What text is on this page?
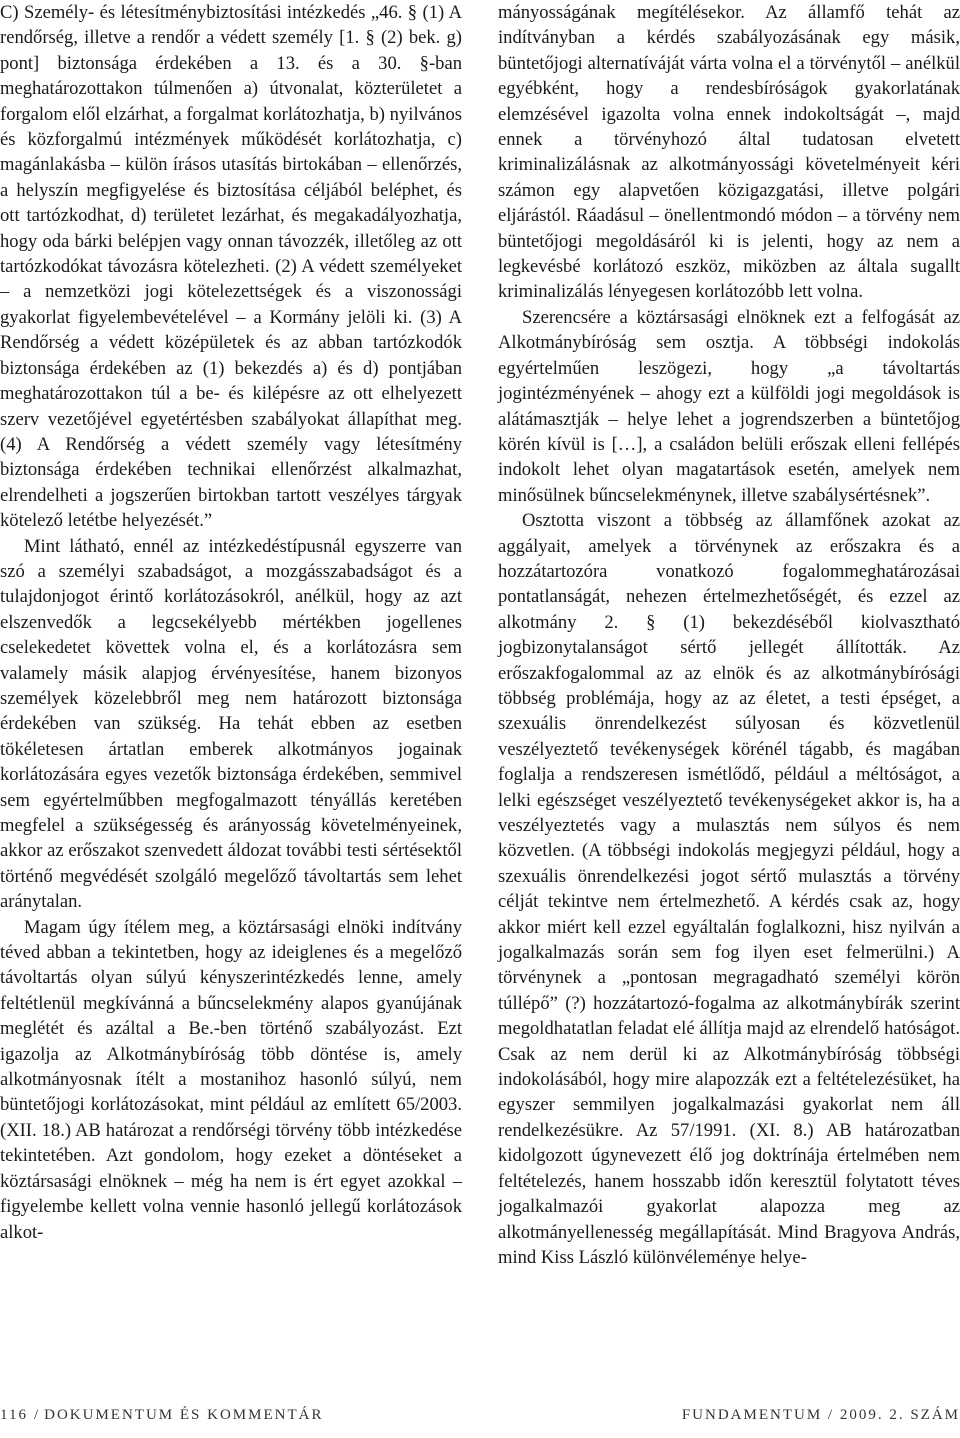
C) Személy- és létesítménybiztosítási intézkedés „46. § (1) A rendőrség, illetve a rendőr a védett személy [1. § (2) bek. g) pont] biztonsága érdekében a 13. és a 30. §-ban meghatározottakon túlmenően a) útvonalat, közterületet a forgalom elől elzárhat, a forgalmat korlátozhatja, b) nyilvános és közforgalmú intézmények működését korlátozhatja, c) magánlakásba – külön írásos utasítás birtokában – ellenőrzés, a helyszín megfigyelése és biztosítása céljából beléphet, és ott tartózkodhat, d) területet lezárhat, és megakadályozhatja, hogy oda bárki belépjen vagy onnan távozzék, illetőleg az ott tartózkodókat távozásra kötelezheti. (2) A védett személyeket – a nemzetközi jogi kötelezettségek és a viszonossági gyakorlat figyelembevételével – a Kormány jelöli ki. (3) A Rendőrség a védett középületek és az abban tartózkodók biztonsága érdekében az (1) bekezdés a) és d) pontjában meghatározottakon túl a be- és kilépésre az ott elhelyezett szerv vezetőjével egyetértésben szabályokat állapíthat meg. (4) A Rendőrség a védett személy vagy létesítmény biztonsága érdekében technikai ellenőrzést alkalmazhat, elrendelheti a jogszerűen birtokban tartott veszélyes tárgyak kötelező letétbe helyezését.”

Mint látható, ennél az intézkedéstípusnál egyszerre van szó a személyi szabadságot, a mozgásszabadságot és a tulajdonjogot érintő korlátozásokról, anélkül, hogy az azt elszenvedők a legcsekélyebb mértékben jogellenes cselekedetet követtek volna el, és a korlátozásra sem valamely másik alapjog érvényesítése, hanem bizonyos személyek közelebbről meg nem határozott biztonsága érdekében van szükség. Ha tehát ebben az esetben tökéletesen ártatlan emberek alkotmányos jogainak korlátozására egyes vezetők biztonsága érdekében, semmivel sem egyértelműbben megfogalmazott tényállás keretében megfelel a szükségesség és arányosság követelményeinek, akkor az erőszakot szenvedett áldozat további testi sértésektől történő megvédését szolgáló megelőző távoltartás sem lehet aránytalan.

Magam úgy ítélem meg, a köztársasági elnöki indítvány téved abban a tekintetben, hogy az ideiglenes és a megelőző távoltartás olyan súlyú kényszerintézkedés lenne, amely feltétlenül megkívánná a bűncselekmény alapos gyanújának meglétét és azáltal a Be.-ben történő szabályozást. Ezt igazolja az Alkotmánybíróság több döntése is, amely alkotmányosnak ítélt a mostanihoz hasonló súlyú, nem büntetőjogi korlátozásokat, mint például az említett 65/2003. (XII. 18.) AB határozat a rendőrségi törvény több intézkedése tekintetében. Azt gondolom, hogy ezeket a döntéseket a köztársasági elnöknek – még ha nem is ért egyet azokkal – figyelembe kellett volna vennie hasonló jellegű korlátozások alkot-

mányosságának megítélésekor. Az államfő tehát az indítványban a kérdés szabályozásának egy másik, büntetőjogi alternatíváját várta volna el a törvénytől – anélkül egyébként, hogy a rendesbíróságok gyakorlatának elemzésével igazolta volna ennek indokoltságát –, majd ennek a törvényhozó által tudatosan elvetett kriminalizálásnak az alkotmányossági követelményeit kéri számon egy alapvetően közigazgatási, illetve polgári eljárástól. Ráadásul – önellentmondó módon – a törvény nem büntetőjogi megoldásáról ki is jelenti, hogy az nem a legkevésbé korlátozó eszköz, miközben az általa sugallt kriminalizálás lényegesen korlátozóbb lett volna.

Szerencsére a köztársasági elnöknek ezt a felfogását az Alkotmánybíróság sem osztja. A többségi indokolás egyértelműen leszögezi, hogy „a távoltartás jogintézményének – ahogy ezt a külföldi jogi megoldások is alátámasztják – helye lehet a jogrendszerben a büntetőjog körén kívül is […], a családon belüli erőszak elleni fellépés indokolt lehet olyan magatartások esetén, amelyek nem minősülnek bűncselekménynek, illetve szabálysértésnek”.

Osztotta viszont a többség az államfőnek azokat az aggályait, amelyek a törvénynek az erőszakra és a hozzátartozóra vonatkozó fogalommeghatározásai pontatlanságát, nehezen értelmezhetőségét, és ezzel az alkotmány 2. § (1) bekezdéséből kiolvasztható jogbizonytalanságot sértő jellegét állították. Az erőszakfogalommal az az elnök és az alkotmánybírósági többség problémája, hogy az az életet, a testi épséget, a szexuális önrendelkezést súlyosan és közvetlenül veszélyeztető tevékenységek körénél tágabb, és magában foglalja a rendszeresen ismétlődő, például a méltóságot, a lelki egészséget veszélyeztető tevékenységeket akkor is, ha a veszélyeztetés vagy a mulasztás nem súlyos és nem közvetlen. (A többségi indokolás megjegyzi például, hogy a szexuális önrendelkezési jogot sértő mulasztás a törvény célját tekintve nem értelmezhető. A kérdés csak az, hogy akkor miért kell ezzel egyáltalán foglalkozni, hisz nyilván a jogalkalmazás során sem fog ilyen eset felmerülni.) A törvénynek a „pontosan megragadható személyi körön túllépő” (?) hozzátartozó-fogalma az alkotmánybírák szerint megoldhatatlan feladat elé állítja majd az elrendelő hatóságot. Csak az nem derül ki az Alkotmánybíróság többségi indokolásából, hogy mire alapozzák ezt a feltételezésüket, ha egyszer semmilyen jogalkalmazási gyakorlat nem áll rendelkezésükre. Az 57/1991. (XI. 8.) AB határozatban kidolgozott úgynevezett élő jog doktrínája értelmében nem feltételezés, hanem hosszabb időn keresztül folytatott téves jogalkalmazói gyakorlat alapozza meg az alkotmányellenesség megállapítását. Mind Bragyova András, mind Kiss László különvéleménye helye-

116 / DOKUMENTUM ÉS KOMMENTÁR	FUNDAMENTUM / 2009. 2. SZÁM
